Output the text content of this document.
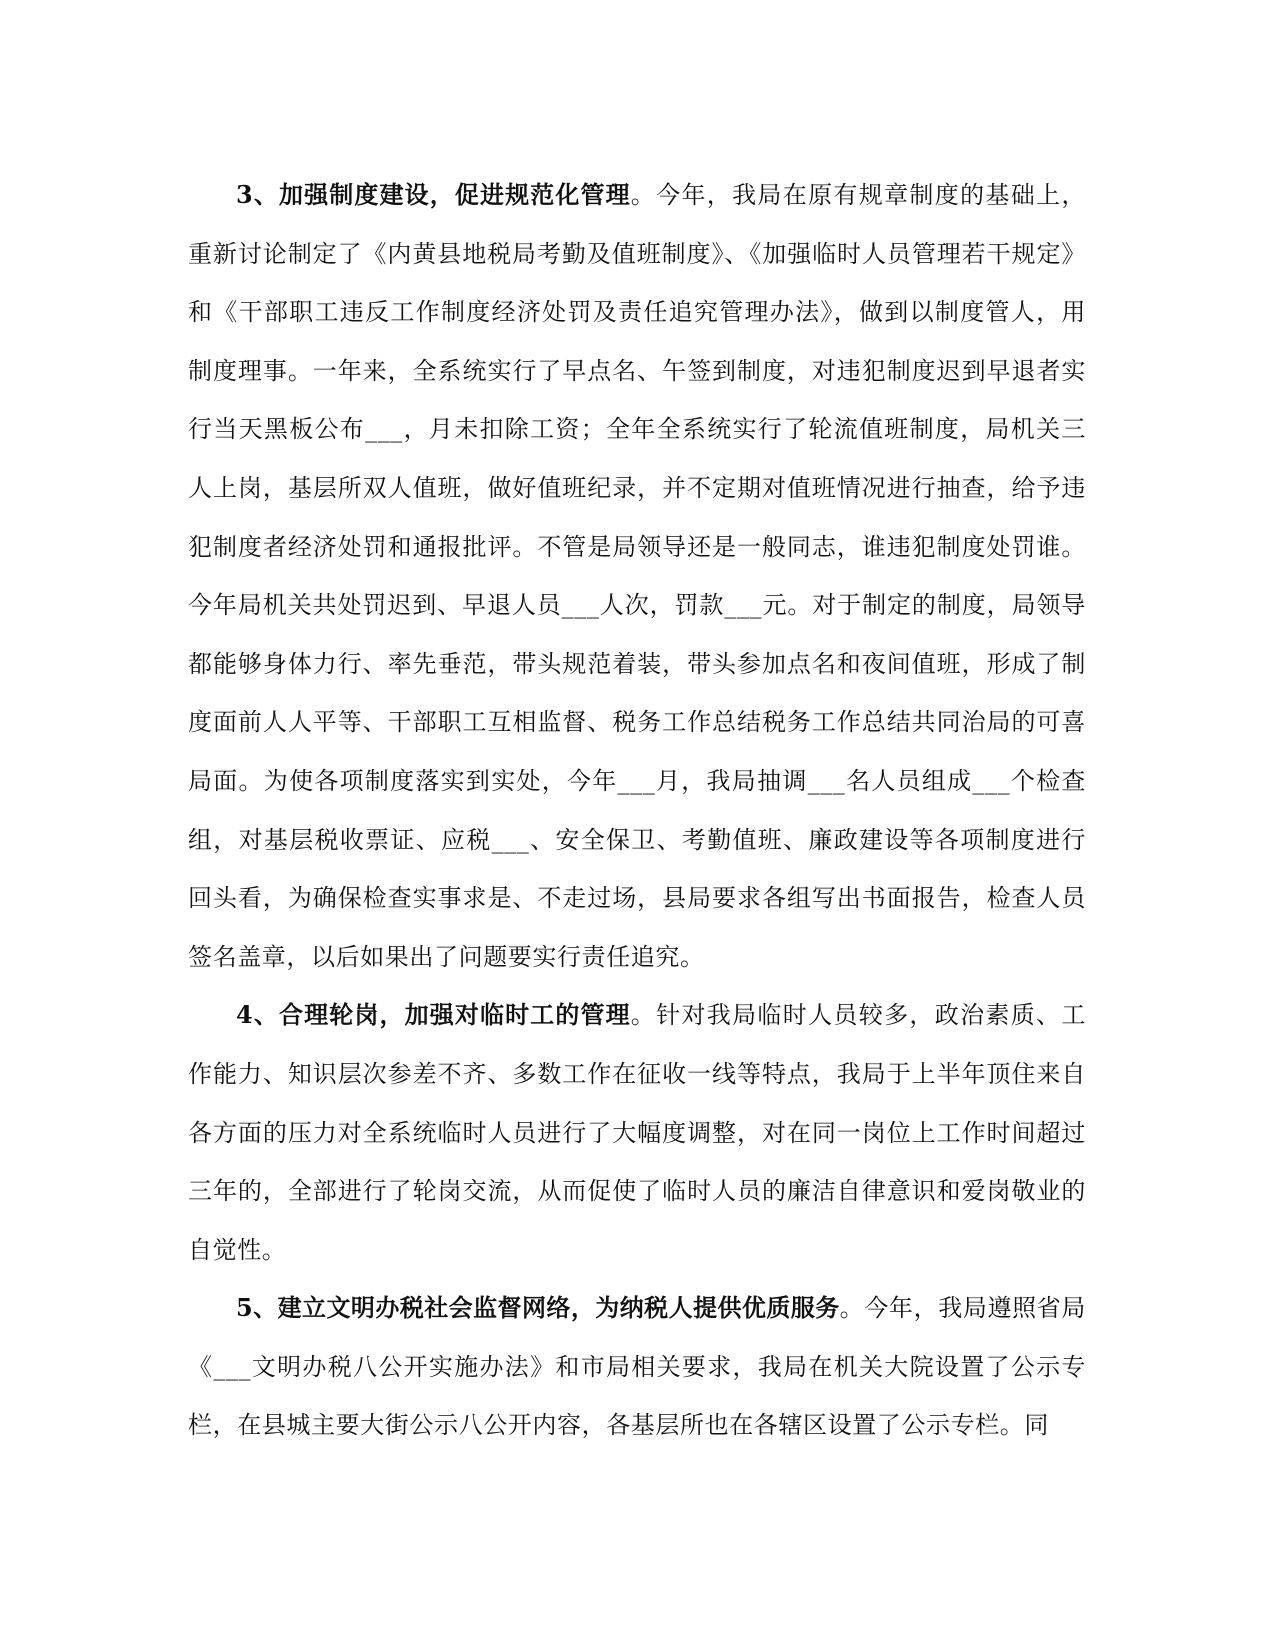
3、加强制度建设，促进规范化管理。今年，我局在原有规章制度的基础上，重新讨论制定了《内黄县地税局考勤及值班制度》、《加强临时人员管理若干规定》和《干部职工违反工作制度经济处罚及责任追究管理办法》，做到以制度管人，用制度理事。一年来，全系统实行了早点名、午签到制度，对违犯制度迟到早退者实行当天黑板公布___，月未扣除工资；全年全系统实行了轮流值班制度，局机关三人上岗，基层所双人值班，做好值班纪录，并不定期对值班情况进行抽查，给予违犯制度者经济处罚和通报批评。不管是局领导还是一般同志，谁违犯制度处罚谁。今年局机关共处罚迟到、早退人员___人次，罚款___元。对于制定的制度，局领导都能够身体力行、率先垂范，带头规范着装，带头参加点名和夜间值班，形成了制度面前人人平等、干部职工互相监督、税务工作总结税务工作总结共同治局的可喜局面。为使各项制度落实到实处，今年___月，我局抽调___名人员组成___个检查组，对基层税收票证、应税___、安全保卫、考勤值班、廉政建设等各项制度进行回头看，为确保检查实事求是、不走过场，县局要求各组写出书面报告，检查人员签名盖章，以后如果出了问题要实行责任追究。

4、合理轮岗，加强对临时工的管理。针对我局临时人员较多，政治素质、工作能力、知识层次参差不齐、多数工作在征收一线等特点，我局于上半年顶住来自各方面的压力对全系统临时人员进行了大幅度调整，对在同一岗位上工作时间超过三年的，全部进行了轮岗交流，从而促使了临时人员的廉洁自律意识和爱岗敬业的自觉性。

5、建立文明办税社会监督网络，为纳税人提供优质服务。今年，我局遵照省局《___文明办税八公开实施办法》和市局相关要求，我局在机关大院设置了公示专栏，在县城主要大街公示八公开内容，各基层所也在各辖区设置了公示专栏。同
